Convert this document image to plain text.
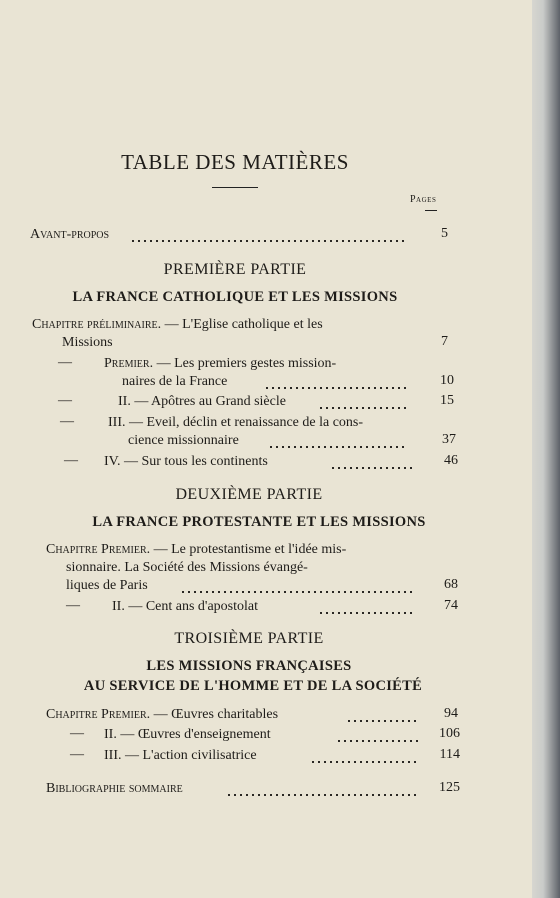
TABLE DES MATIÈRES
Pages
Avant-propos	5
PREMIÈRE PARTIE
LA FRANCE CATHOLIQUE ET LES MISSIONS
Chapitre préliminaire. — L'Eglise catholique et les
Missions	7
— Premier. — Les premiers gestes mission-
naires de la France	10
—	II. — Apôtres au Grand siècle	15
— III. — Eveil, déclin et renaissance de la cons-
cience missionnaire	37
— IV. — Sur tous les continents	46
DEUXIÈME PARTIE
LA FRANCE PROTESTANTE ET LES MISSIONS
Chapitre Premier. — Le protestantisme et l'idée mis-
sionnaire. La Société des Missions évangé-
liques de Paris	68
— II. — Cent ans d'apostolat	74
TROISIÈME PARTIE
LES MISSIONS FRANÇAISES
AU SERVICE DE L'HOMME ET DE LA SOCIÉTÉ
Chapitre Premier. — Œuvres charitables	94
— II. — Œuvres d'enseignement	106
— III. — L'action civilisatrice	114
Bibliographie sommaire	125
